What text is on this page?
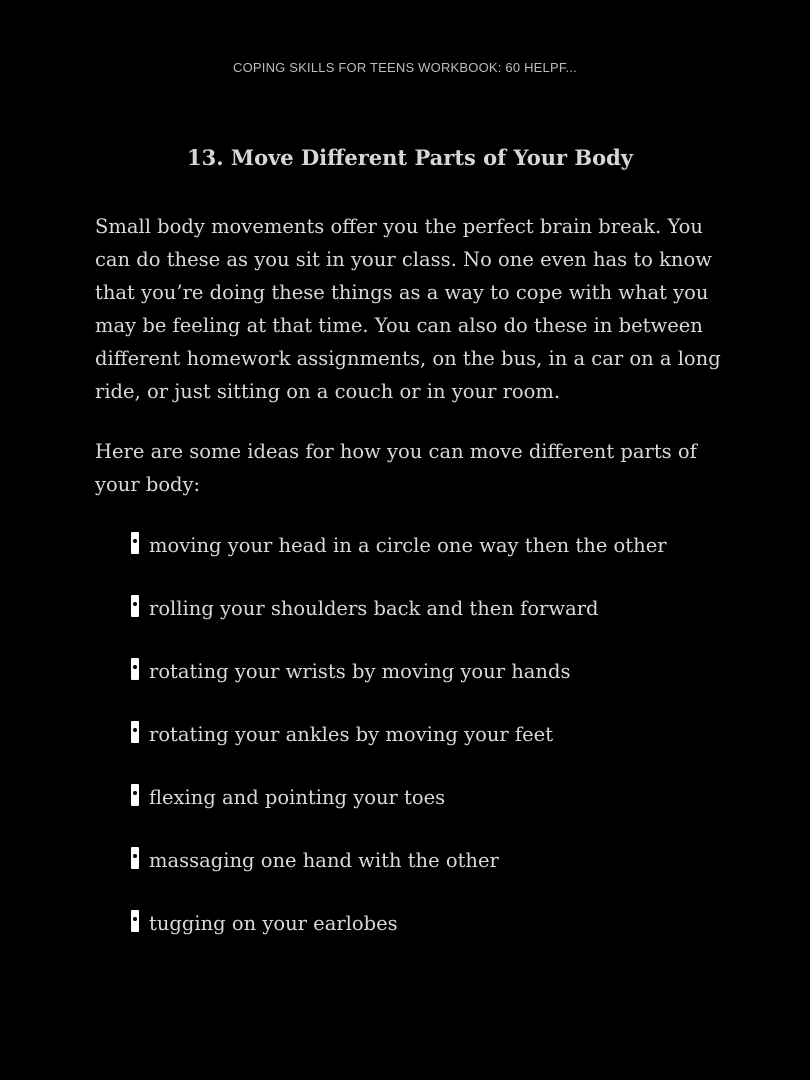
COPING SKILLS FOR TEENS WORKBOOK: 60 HELPF...
13. Move Different Parts of Your Body

Small body movements offer you the perfect brain break. You can do these as you sit in your class. No one even has to know that you’re doing these things as a way to cope with what you may be feeling at that time. You can also do these in between different homework assignments, on the bus, in a car on a long ride, or just sitting on a couch or in your room.

Here are some ideas for how you can move different parts of your body:

moving your head in a circle one way then the other
rolling your shoulders back and then forward
rotating your wrists by moving your hands
rotating your ankles by moving your feet
flexing and pointing your toes
massaging one hand with the other
tugging on your earlobes
